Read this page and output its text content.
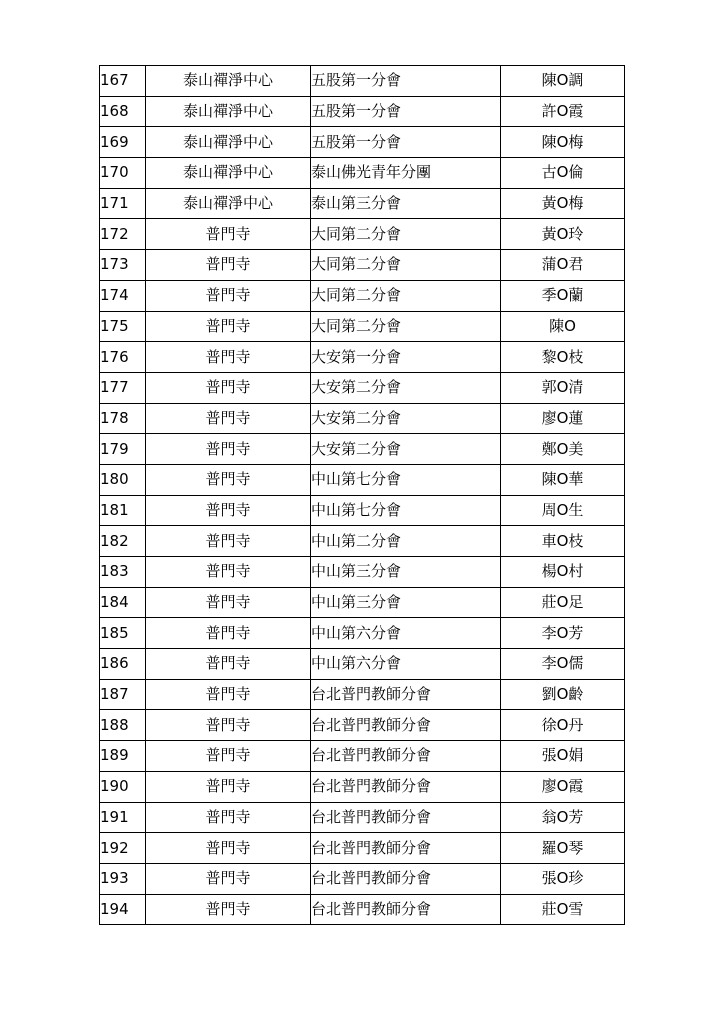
167	泰山禪淨中心	五股第一分會	陳O調
168	泰山禪淨中心	五股第一分會	許O霞
169	泰山禪淨中心	五股第一分會	陳O梅
170	泰山禪淨中心	泰山佛光青年分團	古O倫
171	泰山禪淨中心	泰山第三分會	黃O梅
172	普門寺	大同第二分會	黃O玲
173	普門寺	大同第二分會	蒲O君
174	普門寺	大同第二分會	季O蘭
175	普門寺	大同第二分會	陳O
176	普門寺	大安第一分會	黎O枝
177	普門寺	大安第二分會	郭O清
178	普門寺	大安第二分會	廖O蓮
179	普門寺	大安第二分會	鄭O美
180	普門寺	中山第七分會	陳O華
181	普門寺	中山第七分會	周O生
182	普門寺	中山第二分會	車O枝
183	普門寺	中山第三分會	楊O村
184	普門寺	中山第三分會	莊O足
185	普門寺	中山第六分會	李O芳
186	普門寺	中山第六分會	李O儒
187	普門寺	台北普門教師分會	劉O齡
188	普門寺	台北普門教師分會	徐O丹
189	普門寺	台北普門教師分會	張O娟
190	普門寺	台北普門教師分會	廖O霞
191	普門寺	台北普門教師分會	翁O芳
192	普門寺	台北普門教師分會	羅O琴
193	普門寺	台北普門教師分會	張O珍
194	普門寺	台北普門教師分會	莊O雪
